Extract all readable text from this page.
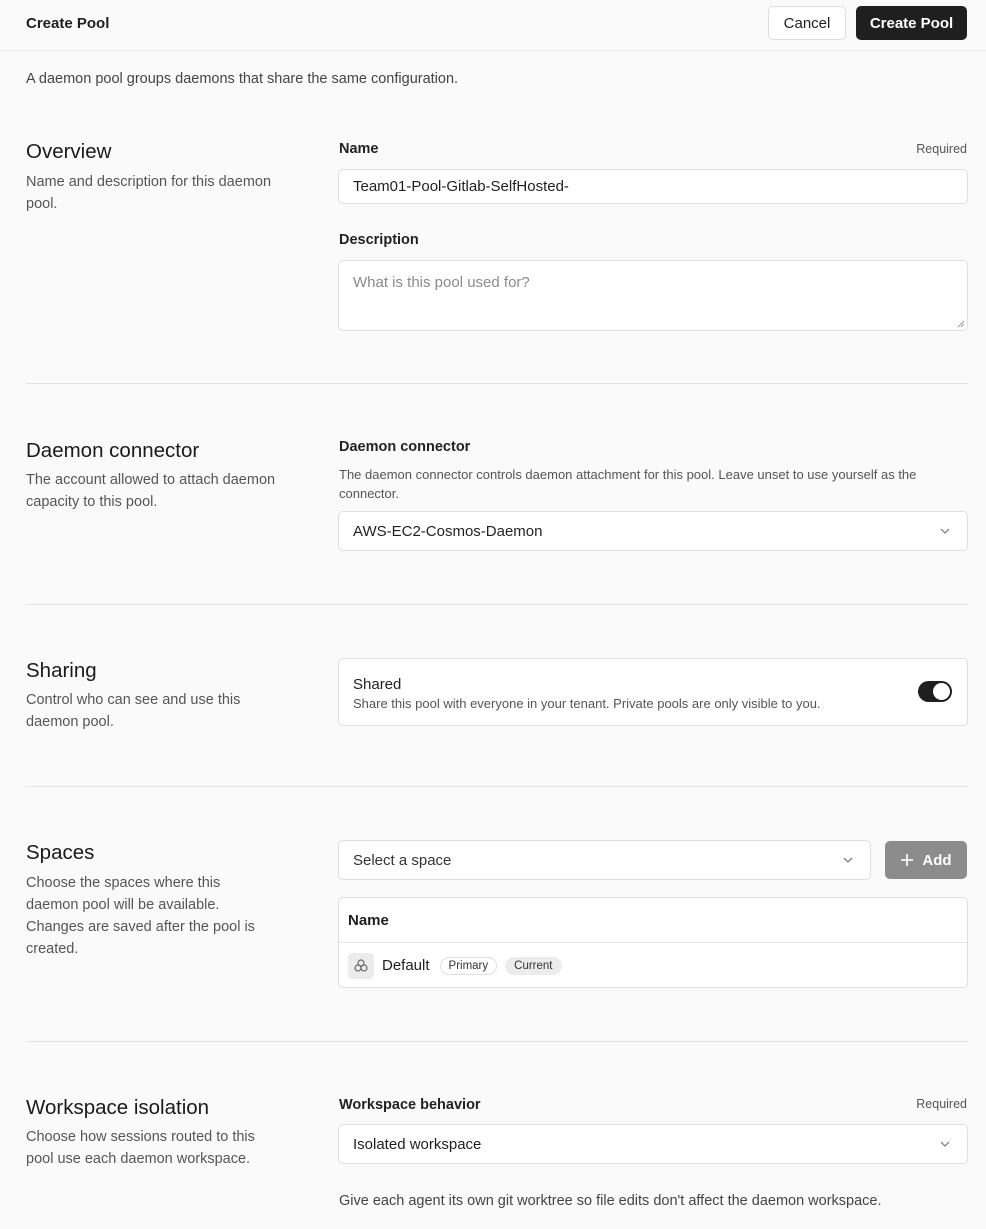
Create Pool	Cancel	Create Pool
A daemon pool groups daemons that share the same configuration.
Overview
Name and description for this daemon pool.
Name	Required
Team01-Pool-Gitlab-SelfHosted-
Description
What is this pool used for?
Daemon connector
The account allowed to attach daemon capacity to this pool.
Daemon connector
The daemon connector controls daemon attachment for this pool. Leave unset to use yourself as the connector.
AWS-EC2-Cosmos-Daemon
Sharing
Control who can see and use this daemon pool.
Shared
Share this pool with everyone in your tenant. Private pools are only visible to you.
Spaces
Choose the spaces where this daemon pool will be available. Changes are saved after the pool is created.
Select a space	Add
Name
Default	Primary	Current
Workspace isolation
Choose how sessions routed to this pool use each daemon workspace.
Workspace behavior	Required
Isolated workspace
Give each agent its own git worktree so file edits don't affect the daemon workspace.
